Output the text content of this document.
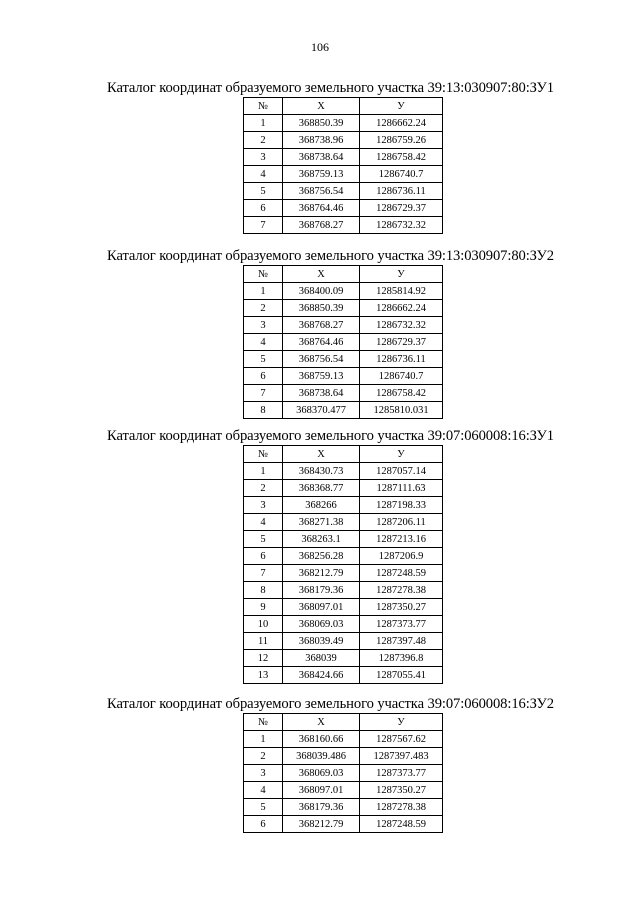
106
Каталог координат образуемого земельного участка 39:13:030907:80:ЗУ1
№	X	У
1	368850.39	1286662.24
2	368738.96	1286759.26
3	368738.64	1286758.42
4	368759.13	1286740.7
5	368756.54	1286736.11
6	368764.46	1286729.37
7	368768.27	1286732.32
Каталог координат образуемого земельного участка 39:13:030907:80:ЗУ2
№	X	У
1	368400.09	1285814.92
2	368850.39	1286662.24
3	368768.27	1286732.32
4	368764.46	1286729.37
5	368756.54	1286736.11
6	368759.13	1286740.7
7	368738.64	1286758.42
8	368370.477	1285810.031
Каталог координат образуемого земельного участка 39:07:060008:16:ЗУ1
№	X	У
1	368430.73	1287057.14
2	368368.77	1287111.63
3	368266	1287198.33
4	368271.38	1287206.11
5	368263.1	1287213.16
6	368256.28	1287206.9
7	368212.79	1287248.59
8	368179.36	1287278.38
9	368097.01	1287350.27
10	368069.03	1287373.77
11	368039.49	1287397.48
12	368039	1287396.8
13	368424.66	1287055.41
Каталог координат образуемого земельного участка 39:07:060008:16:ЗУ2
№	X	У
1	368160.66	1287567.62
2	368039.486	1287397.483
3	368069.03	1287373.77
4	368097.01	1287350.27
5	368179.36	1287278.38
6	368212.79	1287248.59
